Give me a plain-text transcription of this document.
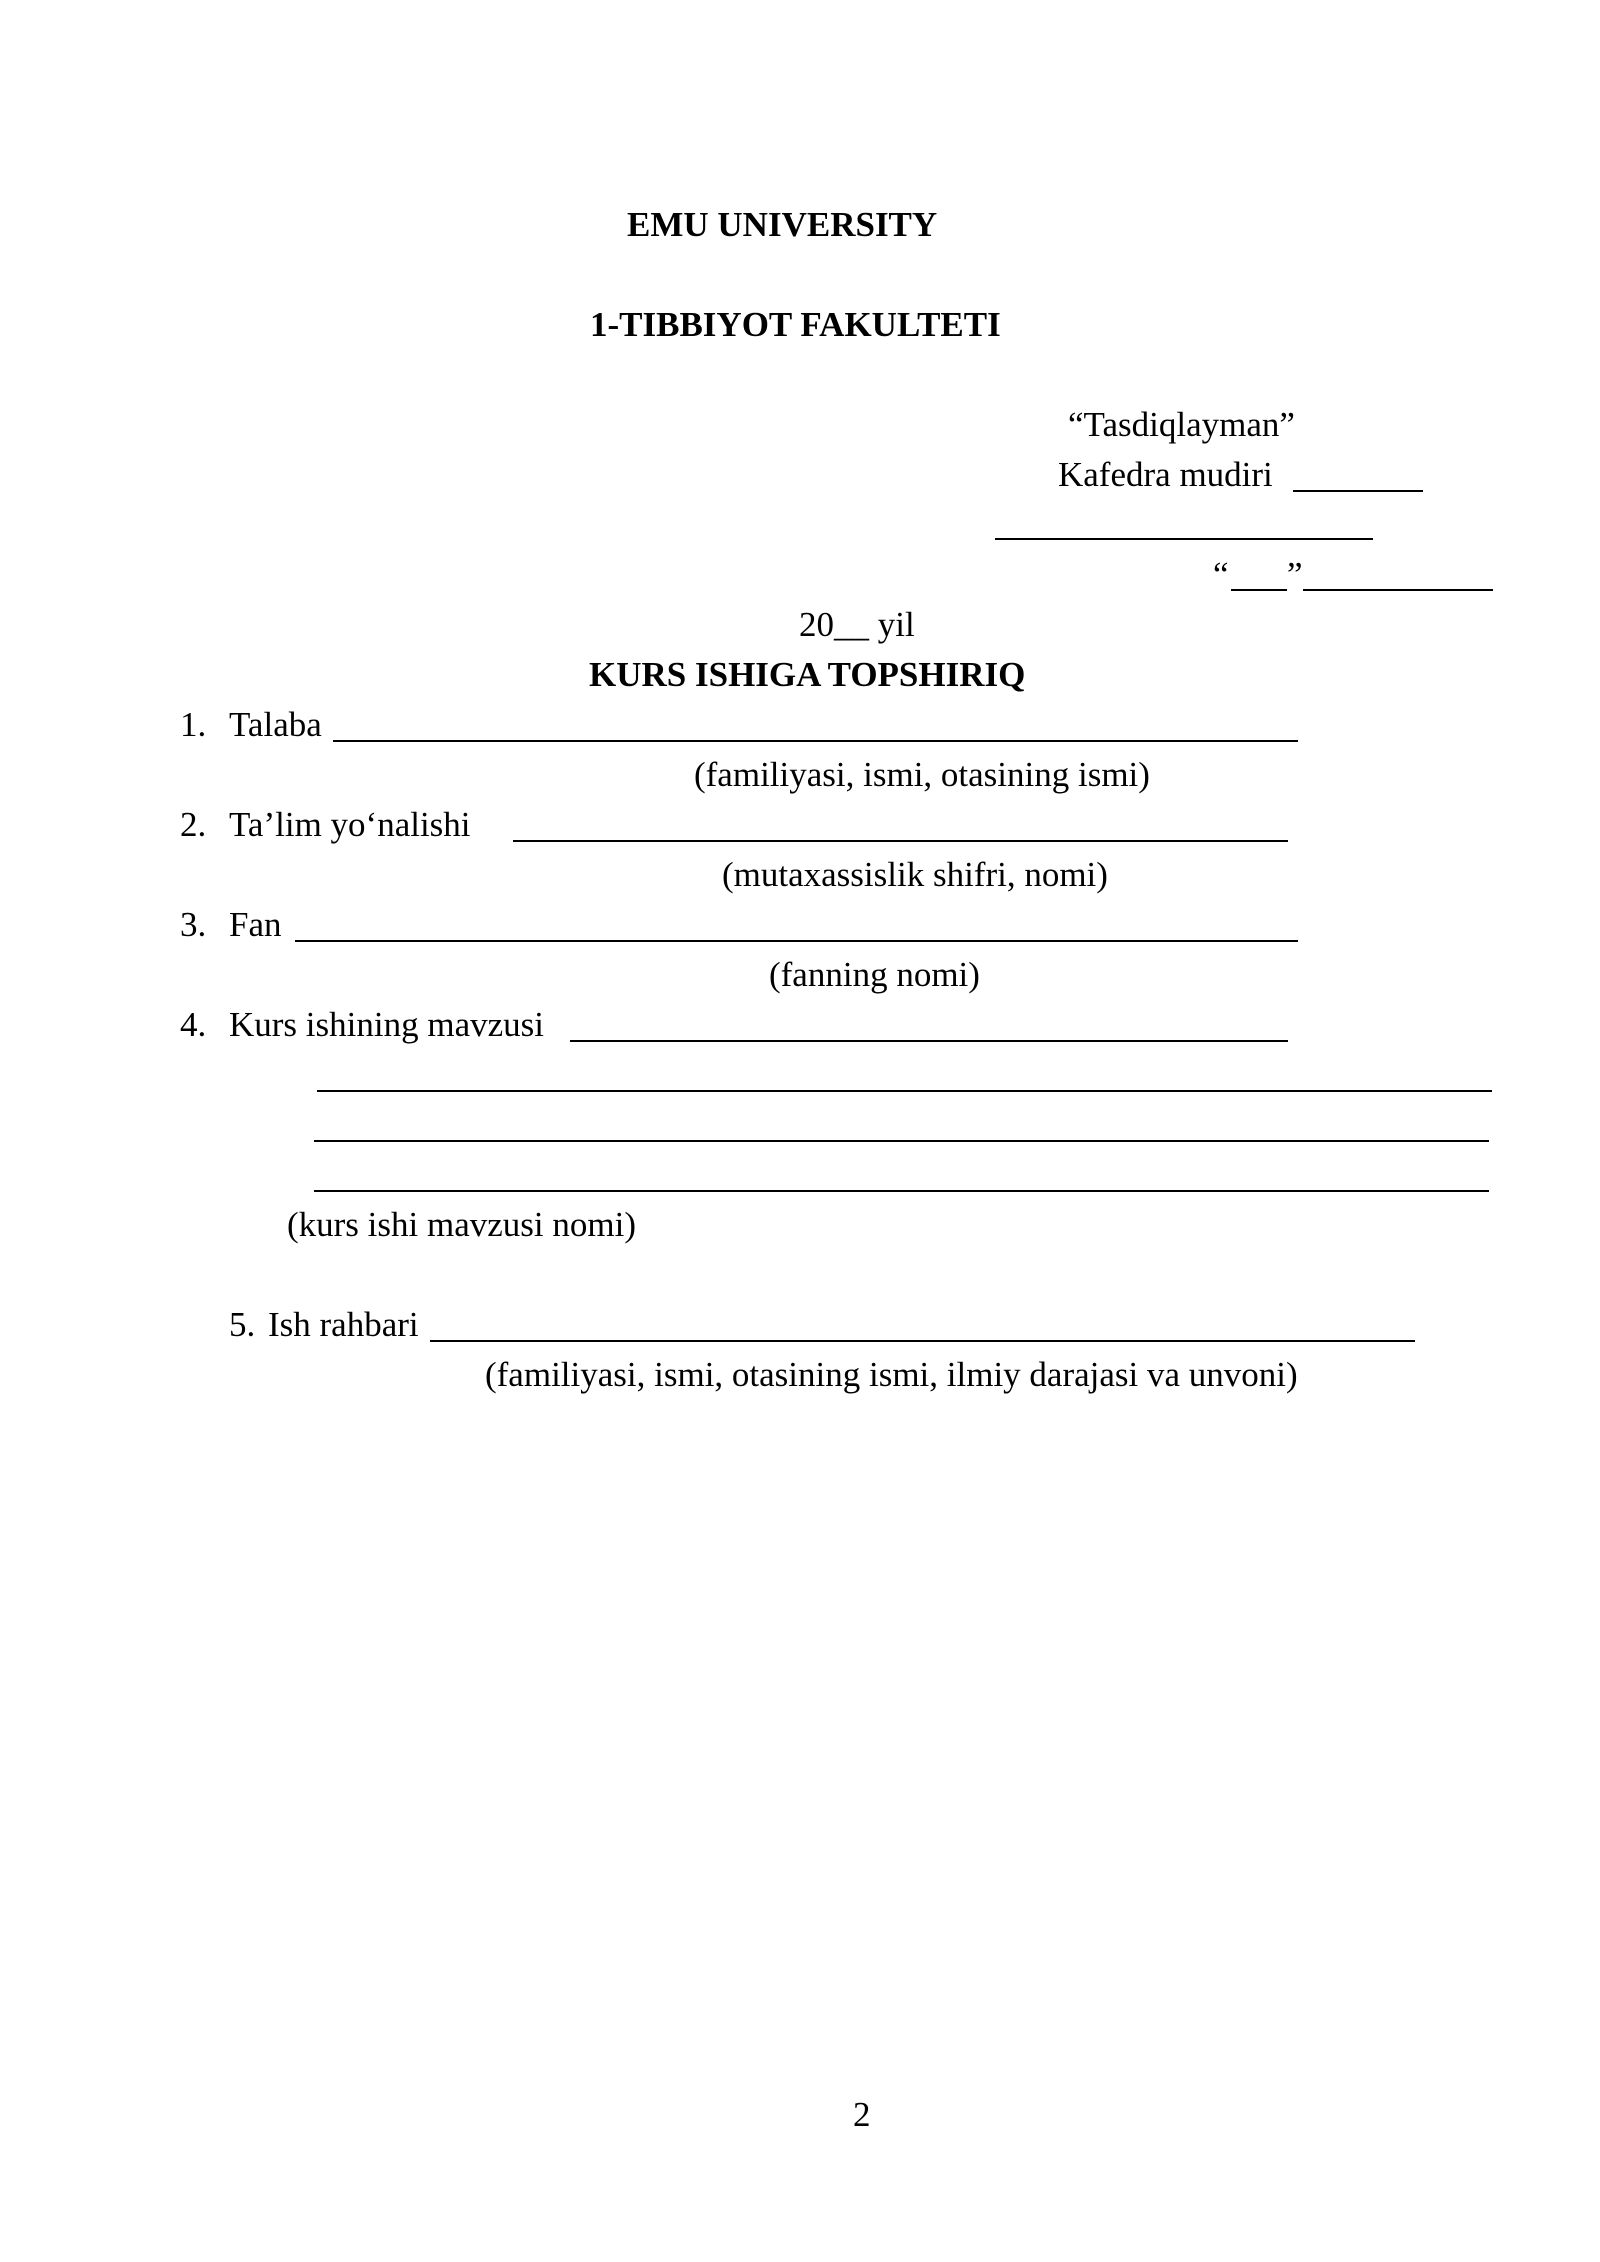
EMU UNIVERSITY
1-TIBBIYOT FAKULTETI
“Tasdiqlayman”
Kafedra mudiri
“ ”
20__ yil
KURS ISHIGA TOPSHIRIQ
1. Talaba
(familiyasi, ismi, otasining ismi)
2. Ta’lim yo‘nalishi
(mutaxassislik shifri, nomi)
3. Fan
(fanning nomi)
4. Kurs ishining mavzusi
(kurs ishi mavzusi nomi)
5. Ish rahbari
(familiyasi, ismi, otasining ismi, ilmiy darajasi va unvoni)
2
